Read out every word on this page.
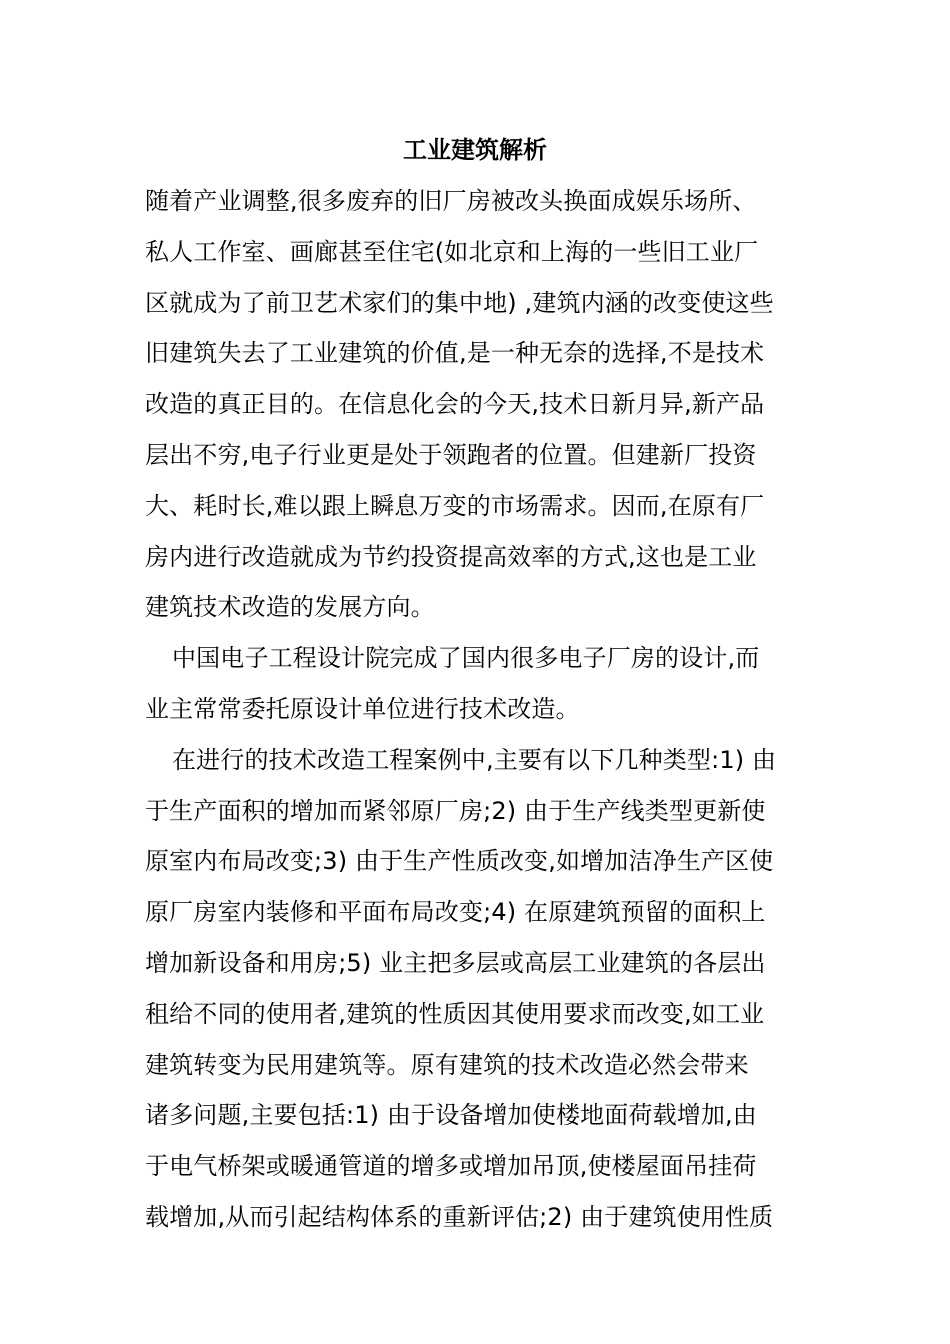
工业建筑解析
随着产业调整,很多废弃的旧厂房被改头换面成娱乐场所、
私人工作室、画廊甚至住宅(如北京和上海的一些旧工业厂
区就成为了前卫艺术家们的集中地) ,建筑内涵的改变使这些
旧建筑失去了工业建筑的价值,是一种无奈的选择,不是技术
改造的真正目的。在信息化会的今天,技术日新月异,新产品
层出不穷,电子行业更是处于领跑者的位置。但建新厂投资
大、耗时长,难以跟上瞬息万变的市场需求。因而,在原有厂
房内进行改造就成为节约投资提高效率的方式,这也是工业
建筑技术改造的发展方向。
中国电子工程设计院完成了国内很多电子厂房的设计,而
业主常常委托原设计单位进行技术改造。
在进行的技术改造工程案例中,主要有以下几种类型:1) 由
于生产面积的增加而紧邻原厂房;2) 由于生产线类型更新使
原室内布局改变;3) 由于生产性质改变,如增加洁净生产区使
原厂房室内装修和平面布局改变;4) 在原建筑预留的面积上
增加新设备和用房;5) 业主把多层或高层工业建筑的各层出
租给不同的使用者,建筑的性质因其使用要求而改变,如工业
建筑转变为民用建筑等。原有建筑的技术改造必然会带来
诸多问题,主要包括:1) 由于设备增加使楼地面荷载增加,由
于电气桥架或暖通管道的增多或增加吊顶,使楼屋面吊挂荷
载增加,从而引起结构体系的重新评估;2) 由于建筑使用性质
